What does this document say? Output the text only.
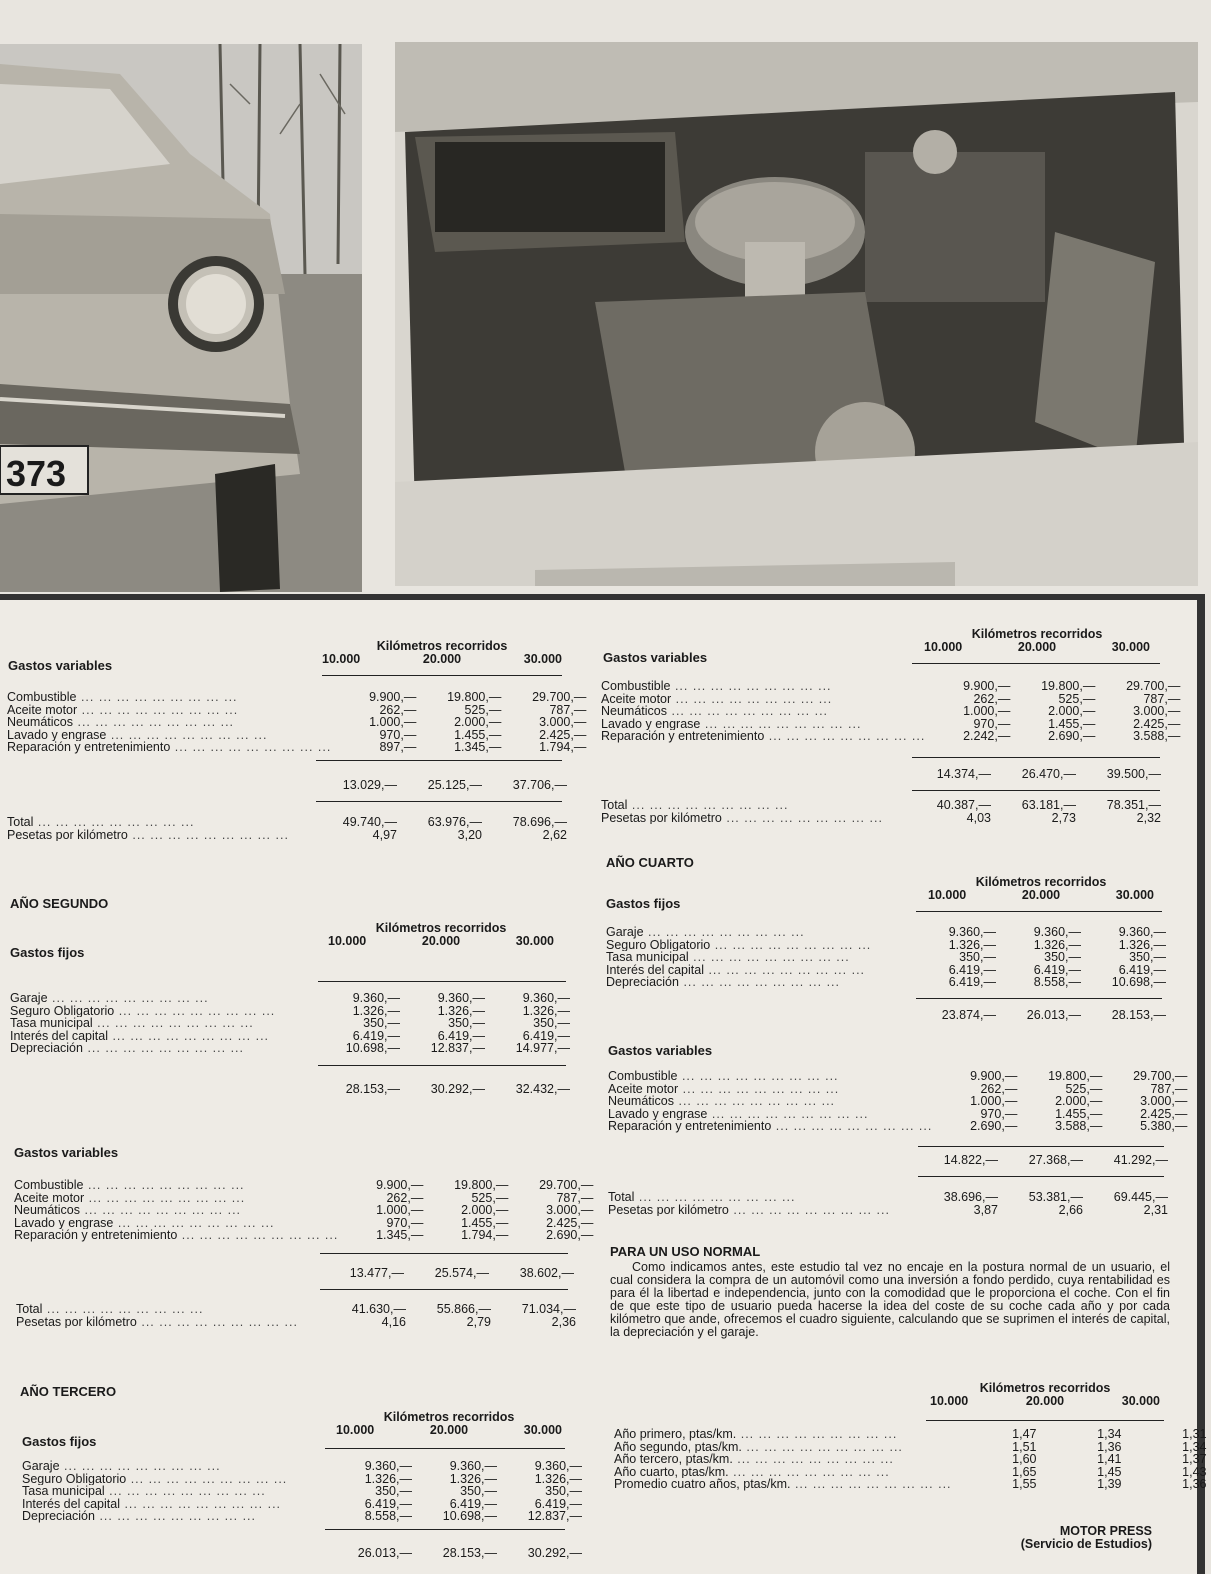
373
Kilómetros recorridos
10.000	20.000	30.000
Gastos variables
Combustible ... ... ... ... ... ... ... ... ...	9.900,—	19.800,—	29.700,—
Aceite motor ... ... ... ... ... ... ... ... ...	262,—	525,—	787,—
Neumáticos ... ... ... ... ... ... ... ... ...	1.000,—	2.000,—	3.000,—
Lavado y engrase ... ... ... ... ... ... ... ... ...	970,—	1.455,—	2.425,—
Reparación y entretenimiento ... ... ... ... ... ... ... ... ...	897,—	1.345,—	1.794,—
	13.029,—	25.125,—	37.706,—
Total ... ... ... ... ... ... ... ... ...	49.740,—	63.976,—	78.696,—
Pesetas por kilómetro ... ... ... ... ... ... ... ... ...	4,97	3,20	2,62
AÑO SEGUNDO
Kilómetros recorridos
10.000	20.000	30.000
Gastos fijos
Garaje ... ... ... ... ... ... ... ... ...	9.360,—	9.360,—	9.360,—
Seguro Obligatorio ... ... ... ... ... ... ... ... ...	1.326,—	1.326,—	1.326,—
Tasa municipal ... ... ... ... ... ... ... ... ...	350,—	350,—	350,—
Interés del capital ... ... ... ... ... ... ... ... ...	6.419,—	6.419,—	6.419,—
Depreciación ... ... ... ... ... ... ... ... ...	10.698,—	12.837,—	14.977,—
	28.153,—	30.292,—	32.432,—
Gastos variables
Combustible ... ... ... ... ... ... ... ... ...	9.900,—	19.800,—	29.700,—
Aceite motor ... ... ... ... ... ... ... ... ...	262,—	525,—	787,—
Neumáticos ... ... ... ... ... ... ... ... ...	1.000,—	2.000,—	3.000,—
Lavado y engrase ... ... ... ... ... ... ... ... ...	970,—	1.455,—	2.425,—
Reparación y entretenimiento ... ... ... ... ... ... ... ... ...	1.345,—	1.794,—	2.690,—
	13.477,—	25.574,—	38.602,—
Total ... ... ... ... ... ... ... ... ...	41.630,—	55.866,—	71.034,—
Pesetas por kilómetro ... ... ... ... ... ... ... ... ...	4,16	2,79	2,36
AÑO TERCERO
Kilómetros recorridos
10.000	20.000	30.000
Gastos fijos
Garaje ... ... ... ... ... ... ... ... ...	9.360,—	9.360,—	9.360,—
Seguro Obligatorio ... ... ... ... ... ... ... ... ...	1.326,—	1.326,—	1.326,—
Tasa municipal ... ... ... ... ... ... ... ... ...	350,—	350,—	350,—
Interés del capital ... ... ... ... ... ... ... ... ...	6.419,—	6.419,—	6.419,—
Depreciación ... ... ... ... ... ... ... ... ...	8.558,—	10.698,—	12.837,—
	26.013,—	28.153,—	30.292,—
Kilómetros recorridos
10.000	20.000	30.000
Gastos variables
Combustible ... ... ... ... ... ... ... ... ...	9.900,—	19.800,—	29.700,—
Aceite motor ... ... ... ... ... ... ... ... ...	262,—	525,—	787,—
Neumáticos ... ... ... ... ... ... ... ... ...	1.000,—	2.000,—	3.000,—
Lavado y engrase ... ... ... ... ... ... ... ... ...	970,—	1.455,—	2.425,—
Reparación y entretenimiento ... ... ... ... ... ... ... ... ...	2.242,—	2.690,—	3.588,—
	14.374,—	26.470,—	39.500,—
Total ... ... ... ... ... ... ... ... ...	40.387,—	63.181,—	78.351,—
Pesetas por kilómetro ... ... ... ... ... ... ... ... ...	4,03	2,73	2,32
AÑO CUARTO
Kilómetros recorridos
10.000	20.000	30.000
Gastos fijos
Garaje ... ... ... ... ... ... ... ... ...	9.360,—	9.360,—	9.360,—
Seguro Obligatorio ... ... ... ... ... ... ... ... ...	1.326,—	1.326,—	1.326,—
Tasa municipal ... ... ... ... ... ... ... ... ...	350,—	350,—	350,—
Interés del capital ... ... ... ... ... ... ... ... ...	6.419,—	6.419,—	6.419,—
Depreciación ... ... ... ... ... ... ... ... ...	6.419,—	8.558,—	10.698,—
	23.874,—	26.013,—	28.153,—
Gastos variables
Combustible ... ... ... ... ... ... ... ... ...	9.900,—	19.800,—	29.700,—
Aceite motor ... ... ... ... ... ... ... ... ...	262,—	525,—	787,—
Neumáticos ... ... ... ... ... ... ... ... ...	1.000,—	2.000,—	3.000,—
Lavado y engrase ... ... ... ... ... ... ... ... ...	970,—	1.455,—	2.425,—
Reparación y entretenimiento ... ... ... ... ... ... ... ... ...	2.690,—	3.588,—	5.380,—
	14.822,—	27.368,—	41.292,—
Total ... ... ... ... ... ... ... ... ...	38.696,—	53.381,—	69.445,—
Pesetas por kilómetro ... ... ... ... ... ... ... ... ...	3,87	2,66	2,31
PARA UN USO NORMAL

Como indicamos antes, este estudio tal vez no encaje en la postura normal de un usuario, el cual considera la compra de un automóvil como una inversión a fondo perdido, cuya rentabilidad es para él la libertad e independencia, junto con la comodidad que le proporciona el coche. Con el fin de que este tipo de usuario pueda hacerse la idea del coste de su coche cada año y por cada kilómetro que ande, ofrecemos el cuadro siguiente, calculando que se suprimen el interés de capital, la depreciación y el garaje.

Kilómetros recorridos
10.000	20.000	30.000
Año primero, ptas/km. ... ... ... ... ... ... ... ... ...	1,47	1,34	1,31
Año segundo, ptas/km. ... ... ... ... ... ... ... ... ...	1,51	1,36	1,34
Año tercero, ptas/km. ... ... ... ... ... ... ... ... ...	1,60	1,41	1,37
Año cuarto, ptas/km. ... ... ... ... ... ... ... ... ...	1,65	1,45	1,43
Promedio cuatro años, ptas/km. ... ... ... ... ... ... ... ... ...	1,55	1,39	1,36
MOTOR PRESS
(Servicio de Estudios)
